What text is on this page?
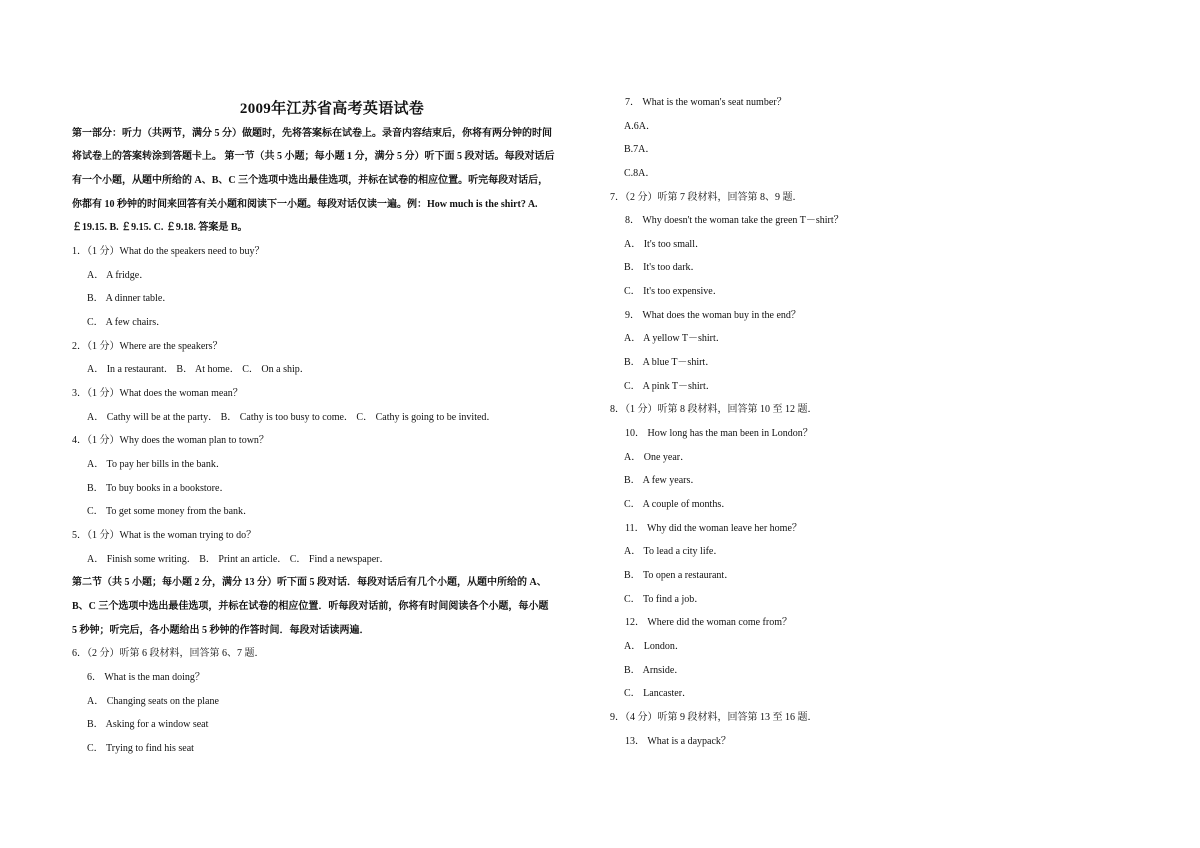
2009年江苏省高考英语试卷
第一部分：听力（共两节，满分 5 分）做题时，先将答案标在试卷上。录音内容结束后，你将有两分钟的时间
将试卷上的答案转涂到答题卡上。 第一节（共 5 小题；每小题 1 分，满分 5 分）听下面 5 段对话。每段对话后
有一个小题，从题中所给的 A、B、C 三个选项中选出最佳选项，并标在试卷的相应位置。听完每段对话后，
你都有 10 秒钟的时间来回答有关小题和阅读下一小题。每段对话仅读一遍。例：How much is the shirt? A.
￡19.15. B. ￡9.15. C. ￡9.18. 答案是 B。
1．（1 分）What do the speakers need to buy？
A． A fridge．
B． A dinner table．
C． A few chairs．
2．（1 分）Where are the speakers？
A． In a restaurant． B． At home． C． On a ship．
3．（1 分）What does the woman mean？
A． Cathy will be at the party． B． Cathy is too busy to come． C． Cathy is going to be invited．
4．（1 分）Why does the woman plan to town？
A． To pay her bills in the bank．
B． To buy books in a bookstore．
C． To get some money from the bank．
5．（1 分）What is the woman trying to do？
A． Finish some writing． B． Print an article． C． Find a newspaper．
第二节（共 5 小题；每小题 2 分，满分 13 分）听下面 5 段对话．每段对话后有几个小题，从题中所给的 A、
B、C 三个选项中选出最佳选项，并标在试卷的相应位置．听每段对话前，你将有时间阅读各个小题，每小题
5 秒钟；听完后，各小题给出 5 秒钟的作答时间．每段对话读两遍．
6．（2 分）听第 6 段材料，回答第 6、7 题．
6． What is the man doing？
A． Changing seats on the plane
B． Asking for a window seat
C． Trying to find his seat
7． What is the woman's seat number？
A.6A．
B.7A．
C.8A．
7．（2 分）听第 7 段材料，回答第 8、9 题．
8． Why doesn't the woman take the green T－shirt？
A． It's too small．
B． It's too dark．
C． It's too expensive．
9． What does the woman buy in the end？
A． A yellow T－shirt．
B． A blue T－shirt．
C． A pink T－shirt．
8．（1 分）听第 8 段材料，回答第 10 至 12 题．
10． How long has the man been in London？
A． One year．
B． A few years．
C． A couple of months．
11． Why did the woman leave her home？
A． To lead a city life．
B． To open a restaurant．
C． To find a job．
12． Where did the woman come from？
A． London．
B． Arnside．
C． Lancaster．
9．（4 分）听第 9 段材料，回答第 13 至 16 题．
13． What is a daypack？
